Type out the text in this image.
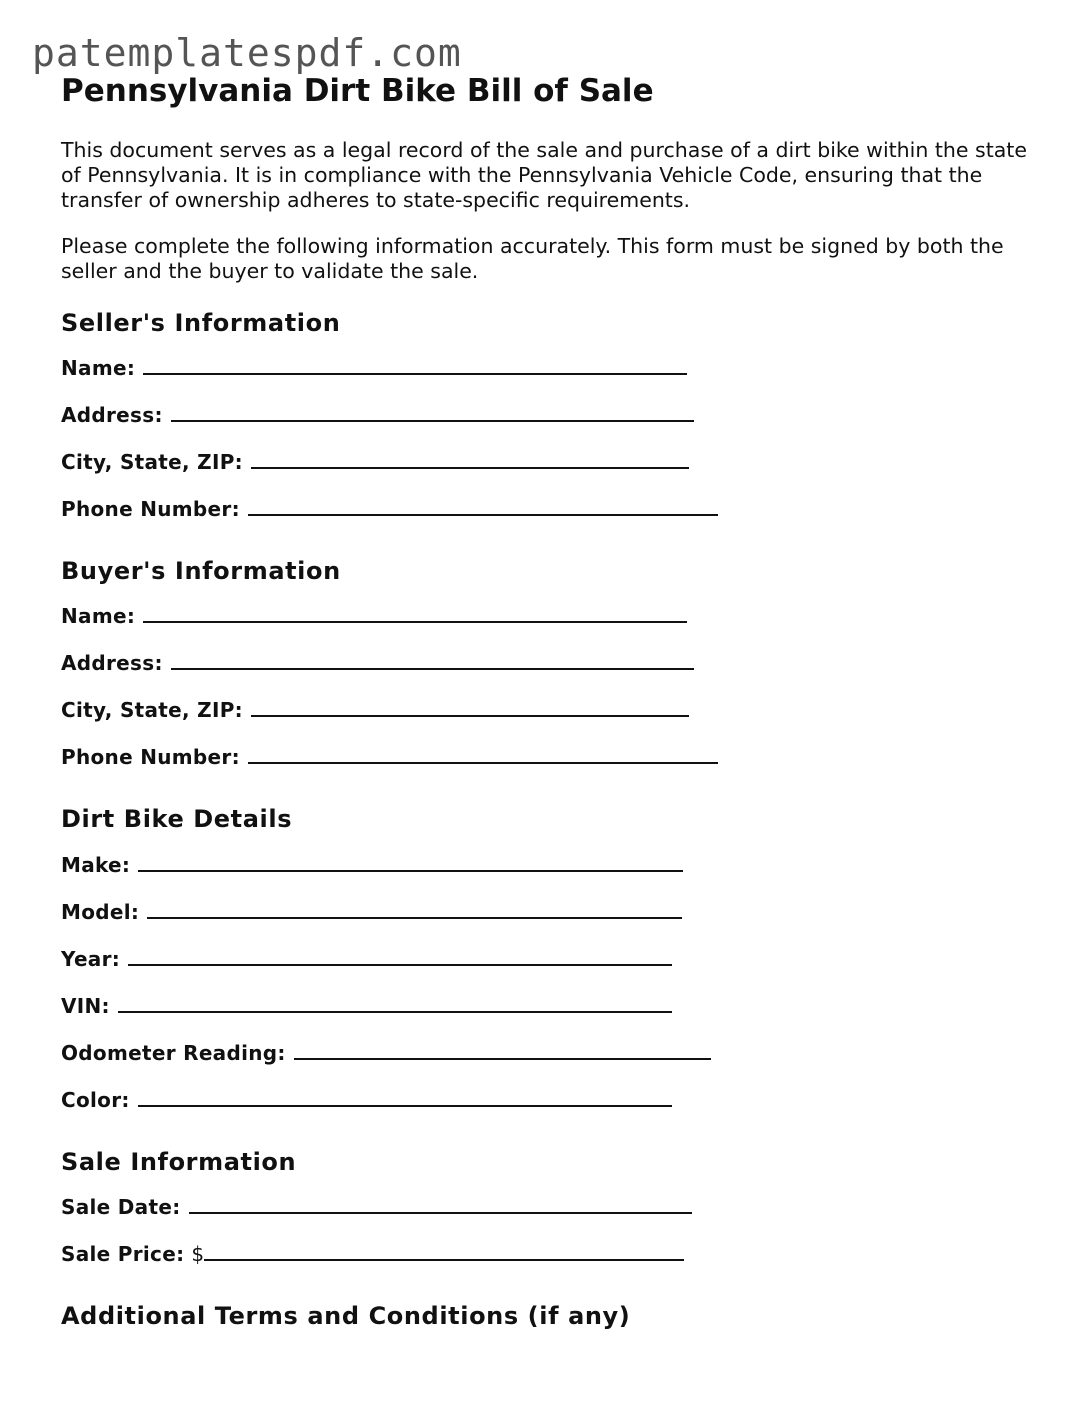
patemplatespdf.com
Pennsylvania Dirt Bike Bill of Sale

This document serves as a legal record of the sale and purchase of a dirt bike within the state of Pennsylvania. It is in compliance with the Pennsylvania Vehicle Code, ensuring that the transfer of ownership adheres to state-specific requirements.

Please complete the following information accurately. This form must be signed by both the seller and the buyer to validate the sale.

Seller's Information
Name:
Address:
City, State, ZIP:
Phone Number:
Buyer's Information
Name:
Address:
City, State, ZIP:
Phone Number:
Dirt Bike Details
Make:
Model:
Year:
VIN:
Odometer Reading:
Color:
Sale Information
Sale Date:
Sale Price: $
Additional Terms and Conditions (if any)
